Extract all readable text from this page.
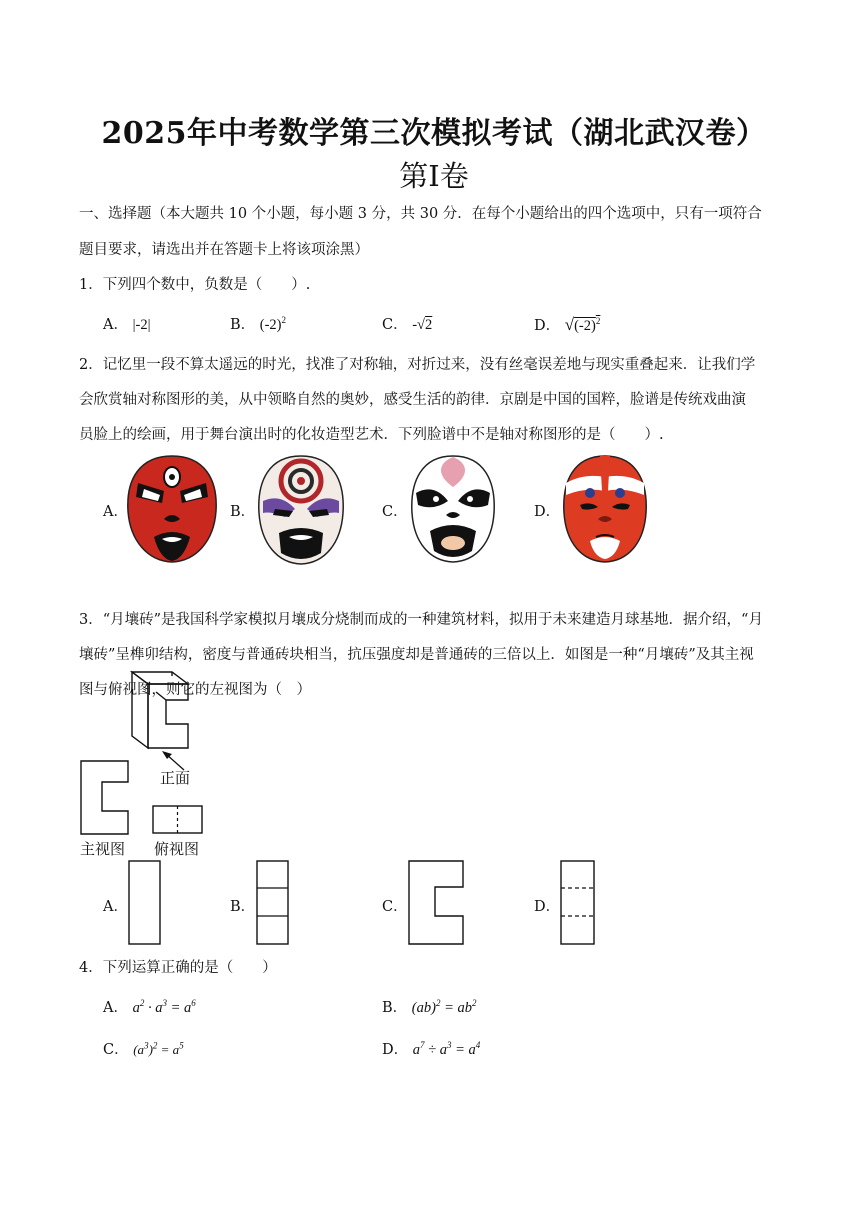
2025年中考数学第三次模拟考试（湖北武汉卷）
第I卷
一、选择题（本大题共 10 个小题，每小题 3 分，共 30 分．在每个小题给出的四个选项中，只有一项符合
题目要求，请选出并在答题卡上将该项涂黑）
1．下列四个数中，负数是（　　）.
A． |-2|	B． $(-2)^2$	C． -√2	D． $√(-2)^2$
2．记忆里一段不算太遥远的时光，找准了对称轴，对折过来，没有丝毫误差地与现实重叠起来．让我们学
会欣赏轴对称图形的美，从中领略自然的奥妙，感受生活的韵律．京剧是中国的国粹，脸谱是传统戏曲演
员脸上的绘画，用于舞台演出时的化妆造型艺术．下列脸谱中不是轴对称图形的是（　　）.
A．	B．	C．	D．
3．“月壤砖”是我国科学家模拟月壤成分烧制而成的一种建筑材料，拟用于未来建造月球基地．据介绍，“月
壤砖”呈榫卯结构，密度与普通砖块相当，抗压强度却是普通砖的三倍以上．如图是一种“月壤砖”及其主视
图与俯视图，则它的左视图为（　）
正面
主视图 俯视图
A．	B．	C．	D．
4．下列运算正确的是（　　）
A． $a^2 \cdot a^3 = a^6$	B． $(ab)^2 = ab^2$
C． $(a^3)^2 = a^5$	D． $a^7 \div a^3 = a^4$
